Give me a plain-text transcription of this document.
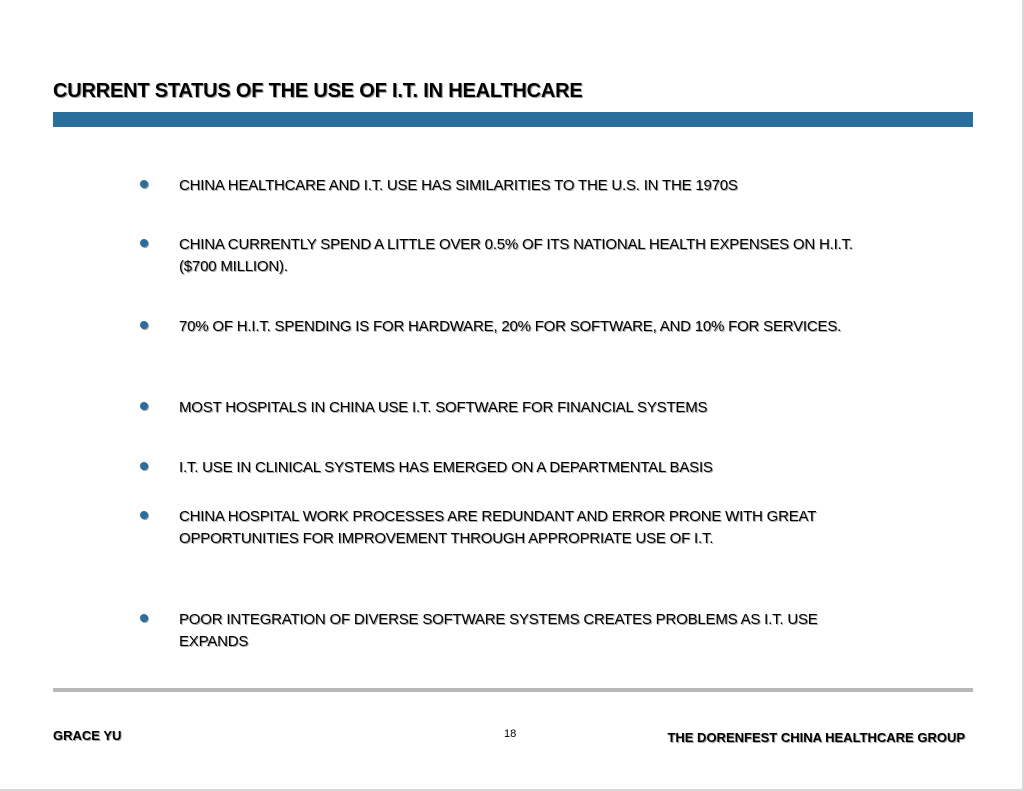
CURRENT STATUS OF THE USE OF I.T. IN HEALTHCARE
CHINA HEALTHCARE AND I.T. USE HAS SIMILARITIES TO THE U.S. IN THE 1970S
CHINA CURRENTLY SPEND A LITTLE OVER 0.5% OF ITS NATIONAL HEALTH EXPENSES ON H.I.T. ($700 MILLION).
70% OF H.I.T. SPENDING IS FOR HARDWARE, 20% FOR SOFTWARE, AND 10% FOR SERVICES.
MOST HOSPITALS IN CHINA USE I.T. SOFTWARE FOR FINANCIAL SYSTEMS
I.T. USE IN CLINICAL SYSTEMS HAS EMERGED ON A DEPARTMENTAL BASIS
CHINA HOSPITAL WORK PROCESSES ARE REDUNDANT AND ERROR PRONE WITH GREAT OPPORTUNITIES FOR IMPROVEMENT THROUGH APPROPRIATE USE OF I.T.
POOR INTEGRATION OF DIVERSE SOFTWARE SYSTEMS CREATES PROBLEMS AS I.T. USE EXPANDS
GRACE YU	18	THE DORENFEST CHINA HEALTHCARE GROUP
